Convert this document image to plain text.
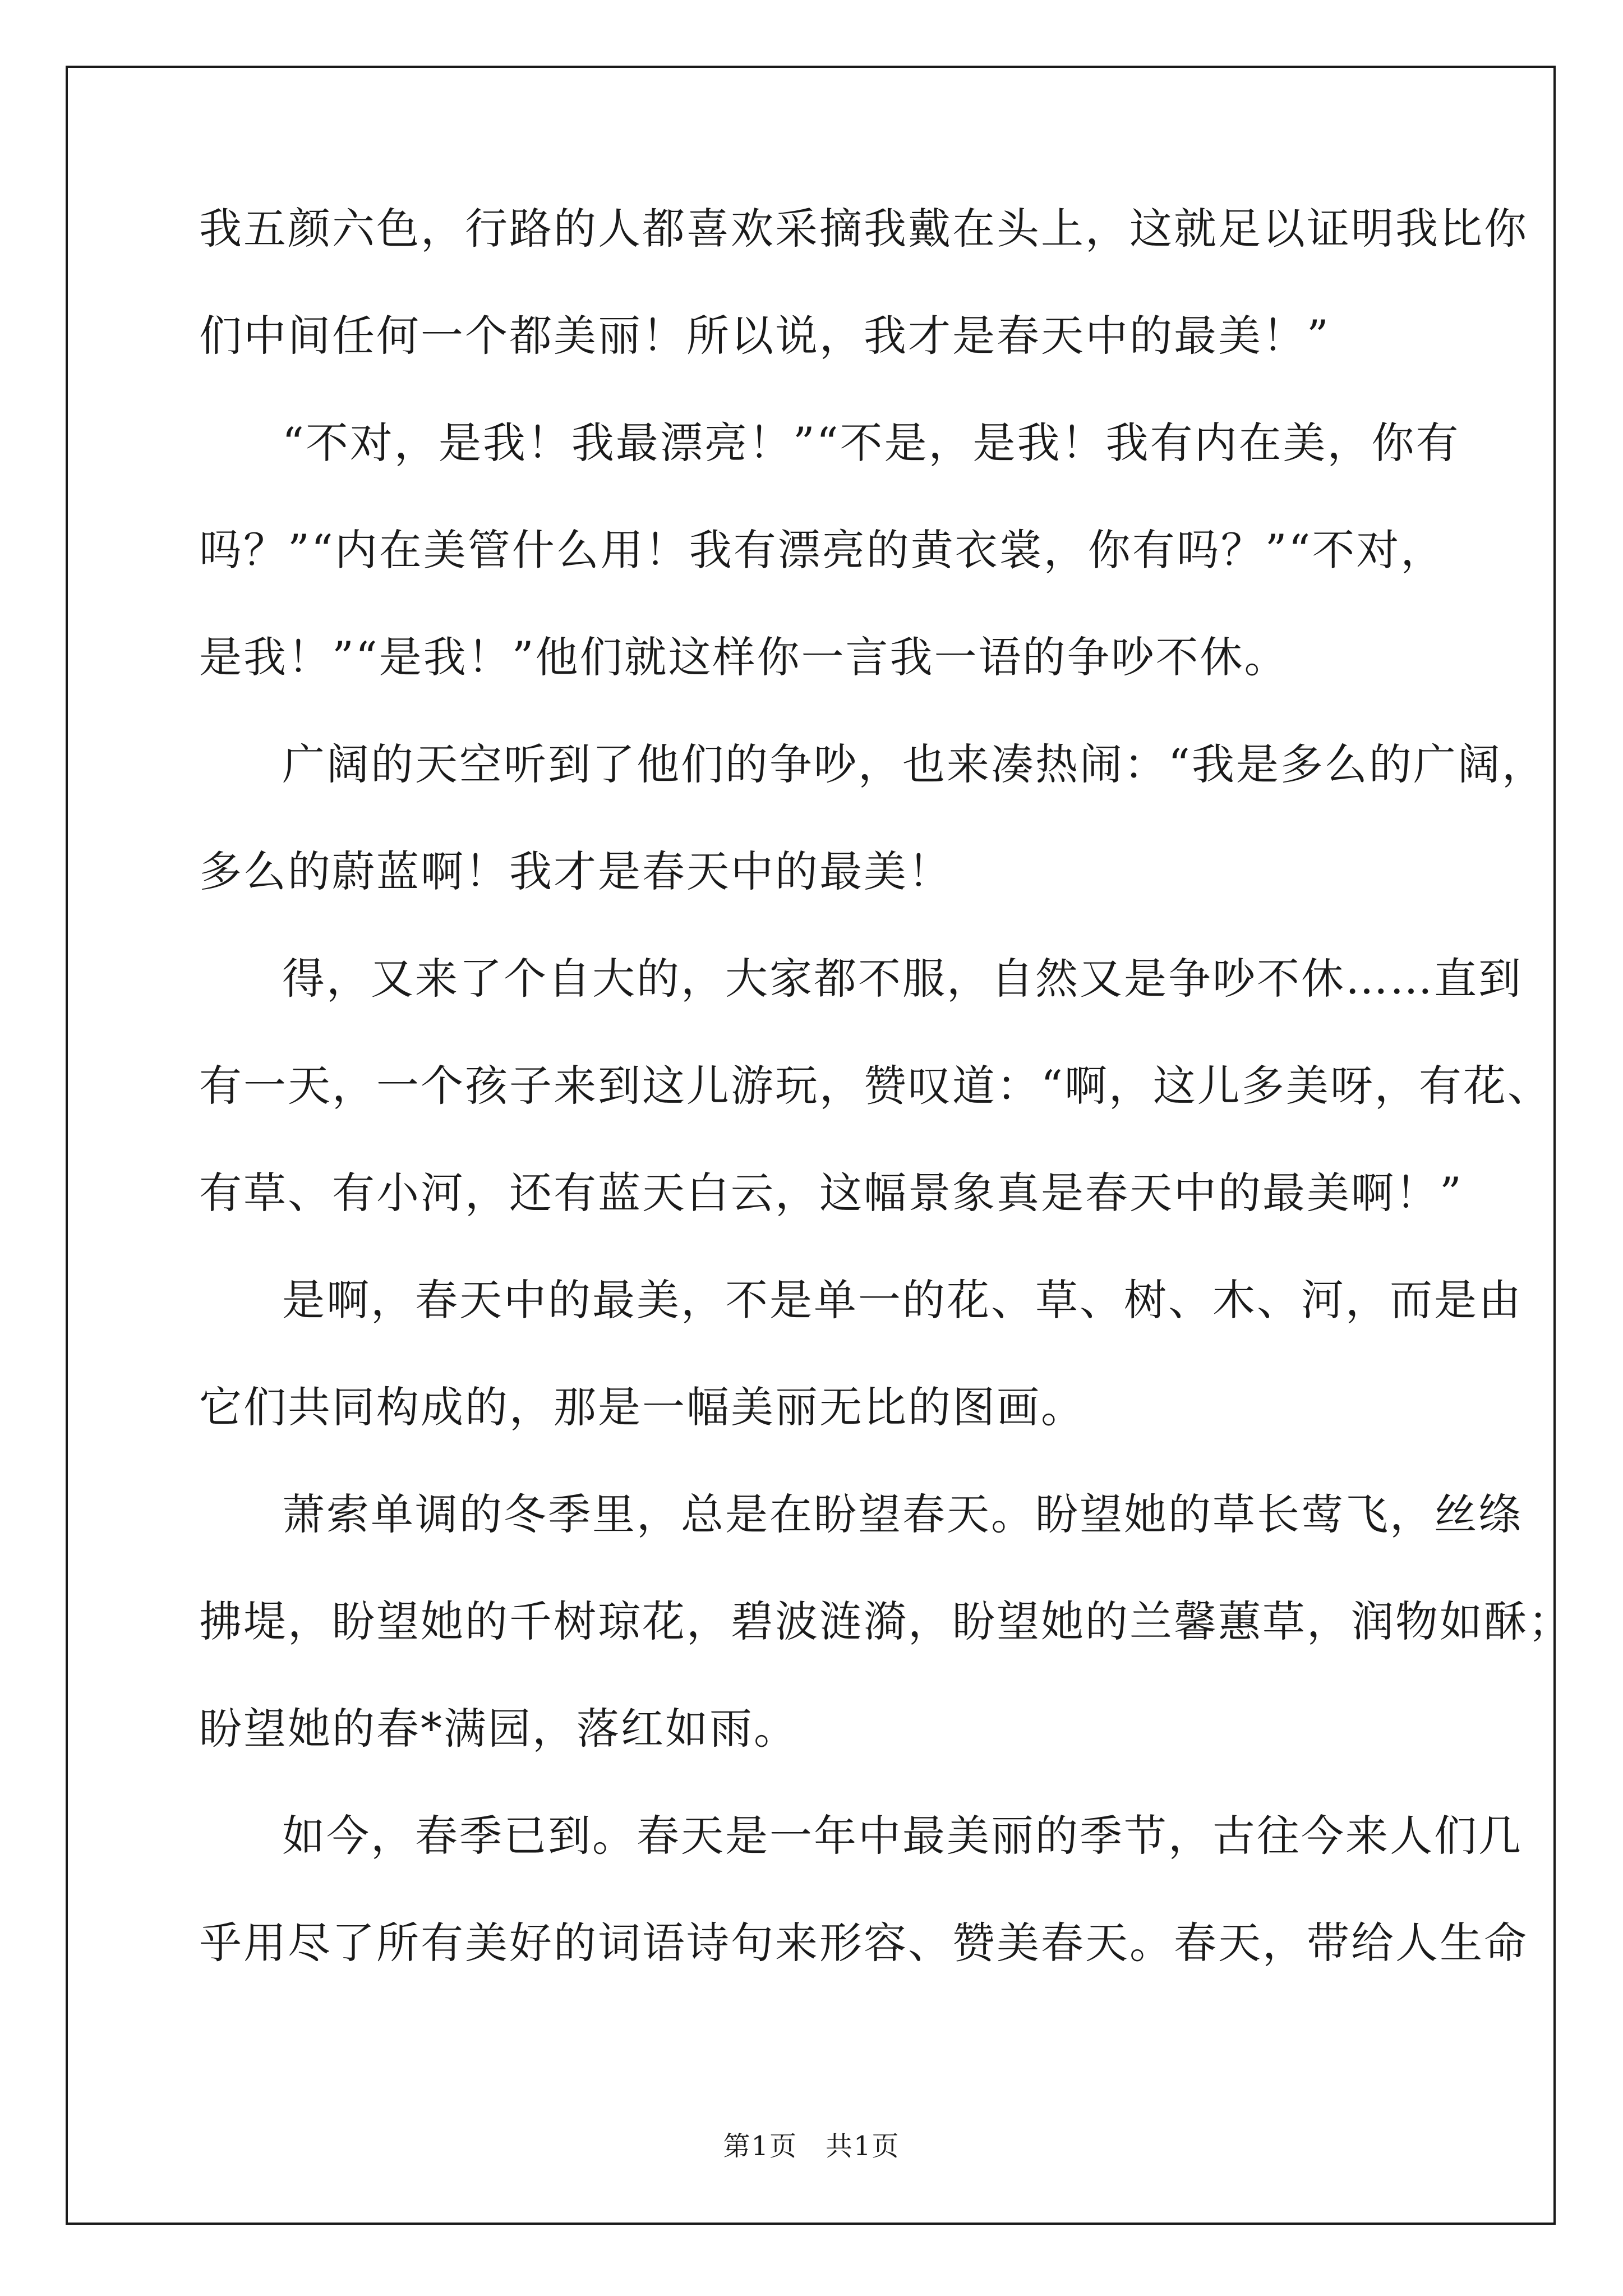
我五颜六色，行路的人都喜欢采摘我戴在头上，这就足以证明我比你
们中间任何一个都美丽！所以说，我才是春天中的最美！”
“不对，是我！我最漂亮！”“不是，是我！我有内在美，你有
吗？”“内在美管什么用！我有漂亮的黄衣裳，你有吗？”“不对，
是我！”“是我！”他们就这样你一言我一语的争吵不休。
广阔的天空听到了他们的争吵，也来凑热闹：“我是多么的广阔，
多么的蔚蓝啊！我才是春天中的最美！
得，又来了个自大的，大家都不服，自然又是争吵不休……直到
有一天，一个孩子来到这儿游玩，赞叹道：“啊，这儿多美呀，有花、
有草、有小河，还有蓝天白云，这幅景象真是春天中的最美啊！”
是啊，春天中的最美，不是单一的花、草、树、木、河，而是由
它们共同构成的，那是一幅美丽无比的图画。
萧索单调的冬季里，总是在盼望春天。盼望她的草长莺飞，丝绦
拂堤，盼望她的千树琼花，碧波涟漪，盼望她的兰馨蕙草，润物如酥；
盼望她的春*满园，落红如雨。
如今，春季已到。春天是一年中最美丽的季节，古往今来人们几
乎用尽了所有美好的词语诗句来形容、赞美春天。春天，带给人生命
第1页　共1页
